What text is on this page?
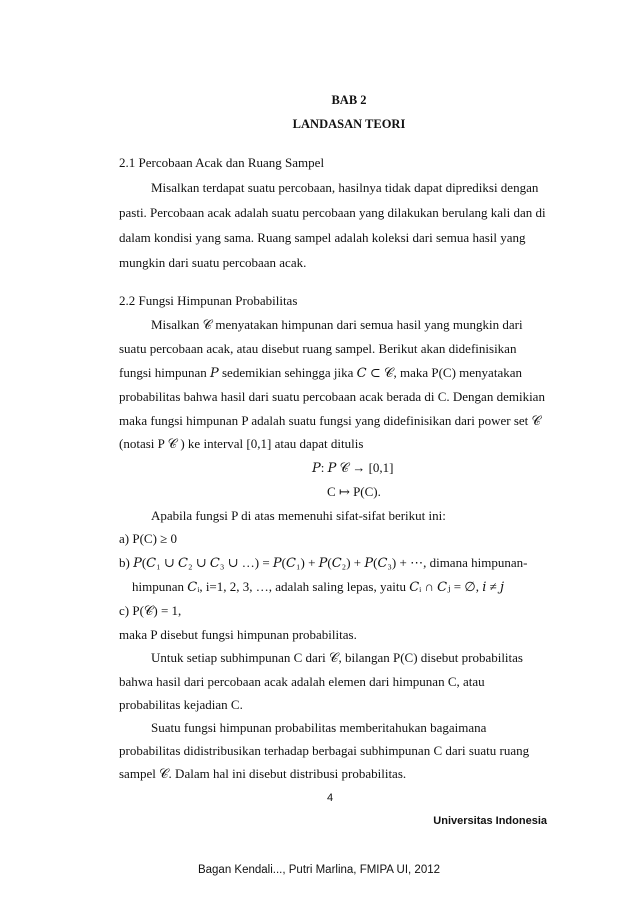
BAB 2
LANDASAN TEORI
2.1 Percobaan Acak dan Ruang Sampel
Misalkan terdapat suatu percobaan, hasilnya tidak dapat diprediksi dengan
pasti. Percobaan acak adalah suatu percobaan yang dilakukan berulang kali dan di
dalam kondisi yang sama. Ruang sampel adalah koleksi dari semua hasil yang
mungkin dari suatu percobaan acak.
2.2 Fungsi Himpunan Probabilitas
Misalkan 𝒞 menyatakan himpunan dari semua hasil yang mungkin dari
suatu percobaan acak, atau disebut ruang sampel. Berikut akan didefinisikan
fungsi himpunan 𝑃 sedemikian sehingga jika 𝐶 ⊂ 𝒞, maka P(C) menyatakan
probabilitas bahwa hasil dari suatu percobaan acak berada di C. Dengan demikian
maka fungsi himpunan P adalah suatu fungsi yang didefinisikan dari power set 𝒞
(notasi P 𝒞 ) ke interval [0,1] atau dapat ditulis
𝑃: 𝑃 𝒞 → [0,1]
C ↦ P(C).
Apabila fungsi P di atas memenuhi sifat-sifat berikut ini:
a) P(C) ≥ 0
b) 𝑃(𝐶₁ ∪ 𝐶₂ ∪ 𝐶₃ ∪ …) = 𝑃(𝐶₁) + 𝑃(𝐶₂) + 𝑃(𝐶₃) + ⋯, dimana himpunan-
himpunan 𝐶ᵢ, i=1, 2, 3, …, adalah saling lepas, yaitu 𝐶ᵢ ∩ 𝐶ⱼ = ∅, 𝑖 ≠ 𝑗
c) P(𝒞) = 1,
maka P disebut fungsi himpunan probabilitas.
Untuk setiap subhimpunan C dari 𝒞, bilangan P(C) disebut probabilitas
bahwa hasil dari percobaan acak adalah elemen dari himpunan C, atau
probabilitas kejadian C.
Suatu fungsi himpunan probabilitas memberitahukan bagaimana
probabilitas didistribusikan terhadap berbagai subhimpunan C dari suatu ruang
sampel 𝒞. Dalam hal ini disebut distribusi probabilitas.
4
Universitas Indonesia
Bagan Kendali..., Putri Marlina, FMIPA UI, 2012
